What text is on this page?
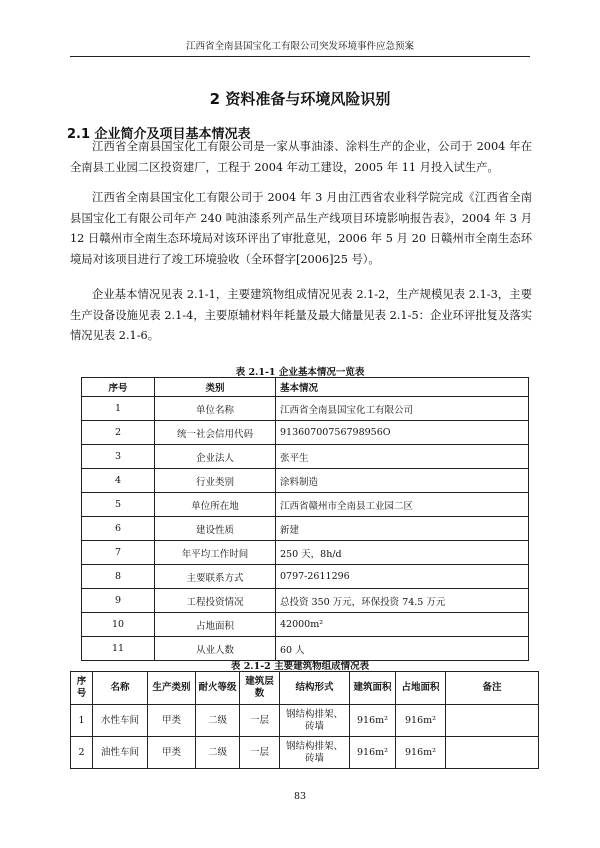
江西省全南县国宝化工有限公司突发环境事件应急预案
2 资料准备与环境风险识别
2.1 企业简介及项目基本情况表

江西省全南县国宝化工有限公司是一家从事油漆、涂料生产的企业，公司于 2004 年在全南县工业园二区投资建厂，工程于 2004 年动工建设，2005 年 11 月投入试生产。

江西省全南县国宝化工有限公司于 2004 年 3 月由江西省农业科学院完成《江西省全南县国宝化工有限公司年产 240 吨油漆系列产品生产线项目环境影响报告表》，2004 年 3 月 12 日赣州市全南生态环境局对该环评出了审批意见，2006 年 5 月 20 日赣州市全南生态环境局对该项目进行了竣工环境验收（全环督字[2006]25 号）。

企业基本情况见表 2.1-1，主要建筑物组成情况见表 2.1-2，生产规模见表 2.1-3，主要生产设备设施见表 2.1-4，主要原辅材料年耗量及最大储量见表 2.1-5：企业环评批复及落实情况见表 2.1-6。

表 2.1-1 企业基本情况一览表
序号	类别	基本情况
1	单位名称	江西省全南县国宝化工有限公司
2	统一社会信用代码	91360700756798956O
3	企业法人	张平生
4	行业类别	涂料制造
5	单位所在地	江西省赣州市全南县工业园二区
6	建设性质	新建
7	年平均工作时间	250 天，8h/d
8	主要联系方式	0797-2611296
9	工程投资情况	总投资 350 万元，环保投资 74.5 万元
10	占地面积	42000m²
11	从业人数	60 人
表 2.1-2 主要建筑物组成情况表
序号	名称	生产类别	耐火等级	建筑层数	结构形式	建筑面积	占地面积	备注
1	水性车间	甲类	二级	一层	钢结构排架、砖墙	916m²	916m²	
2	油性车间	甲类	二级	一层	钢结构排架、砖墙	916m²	916m²	
83
